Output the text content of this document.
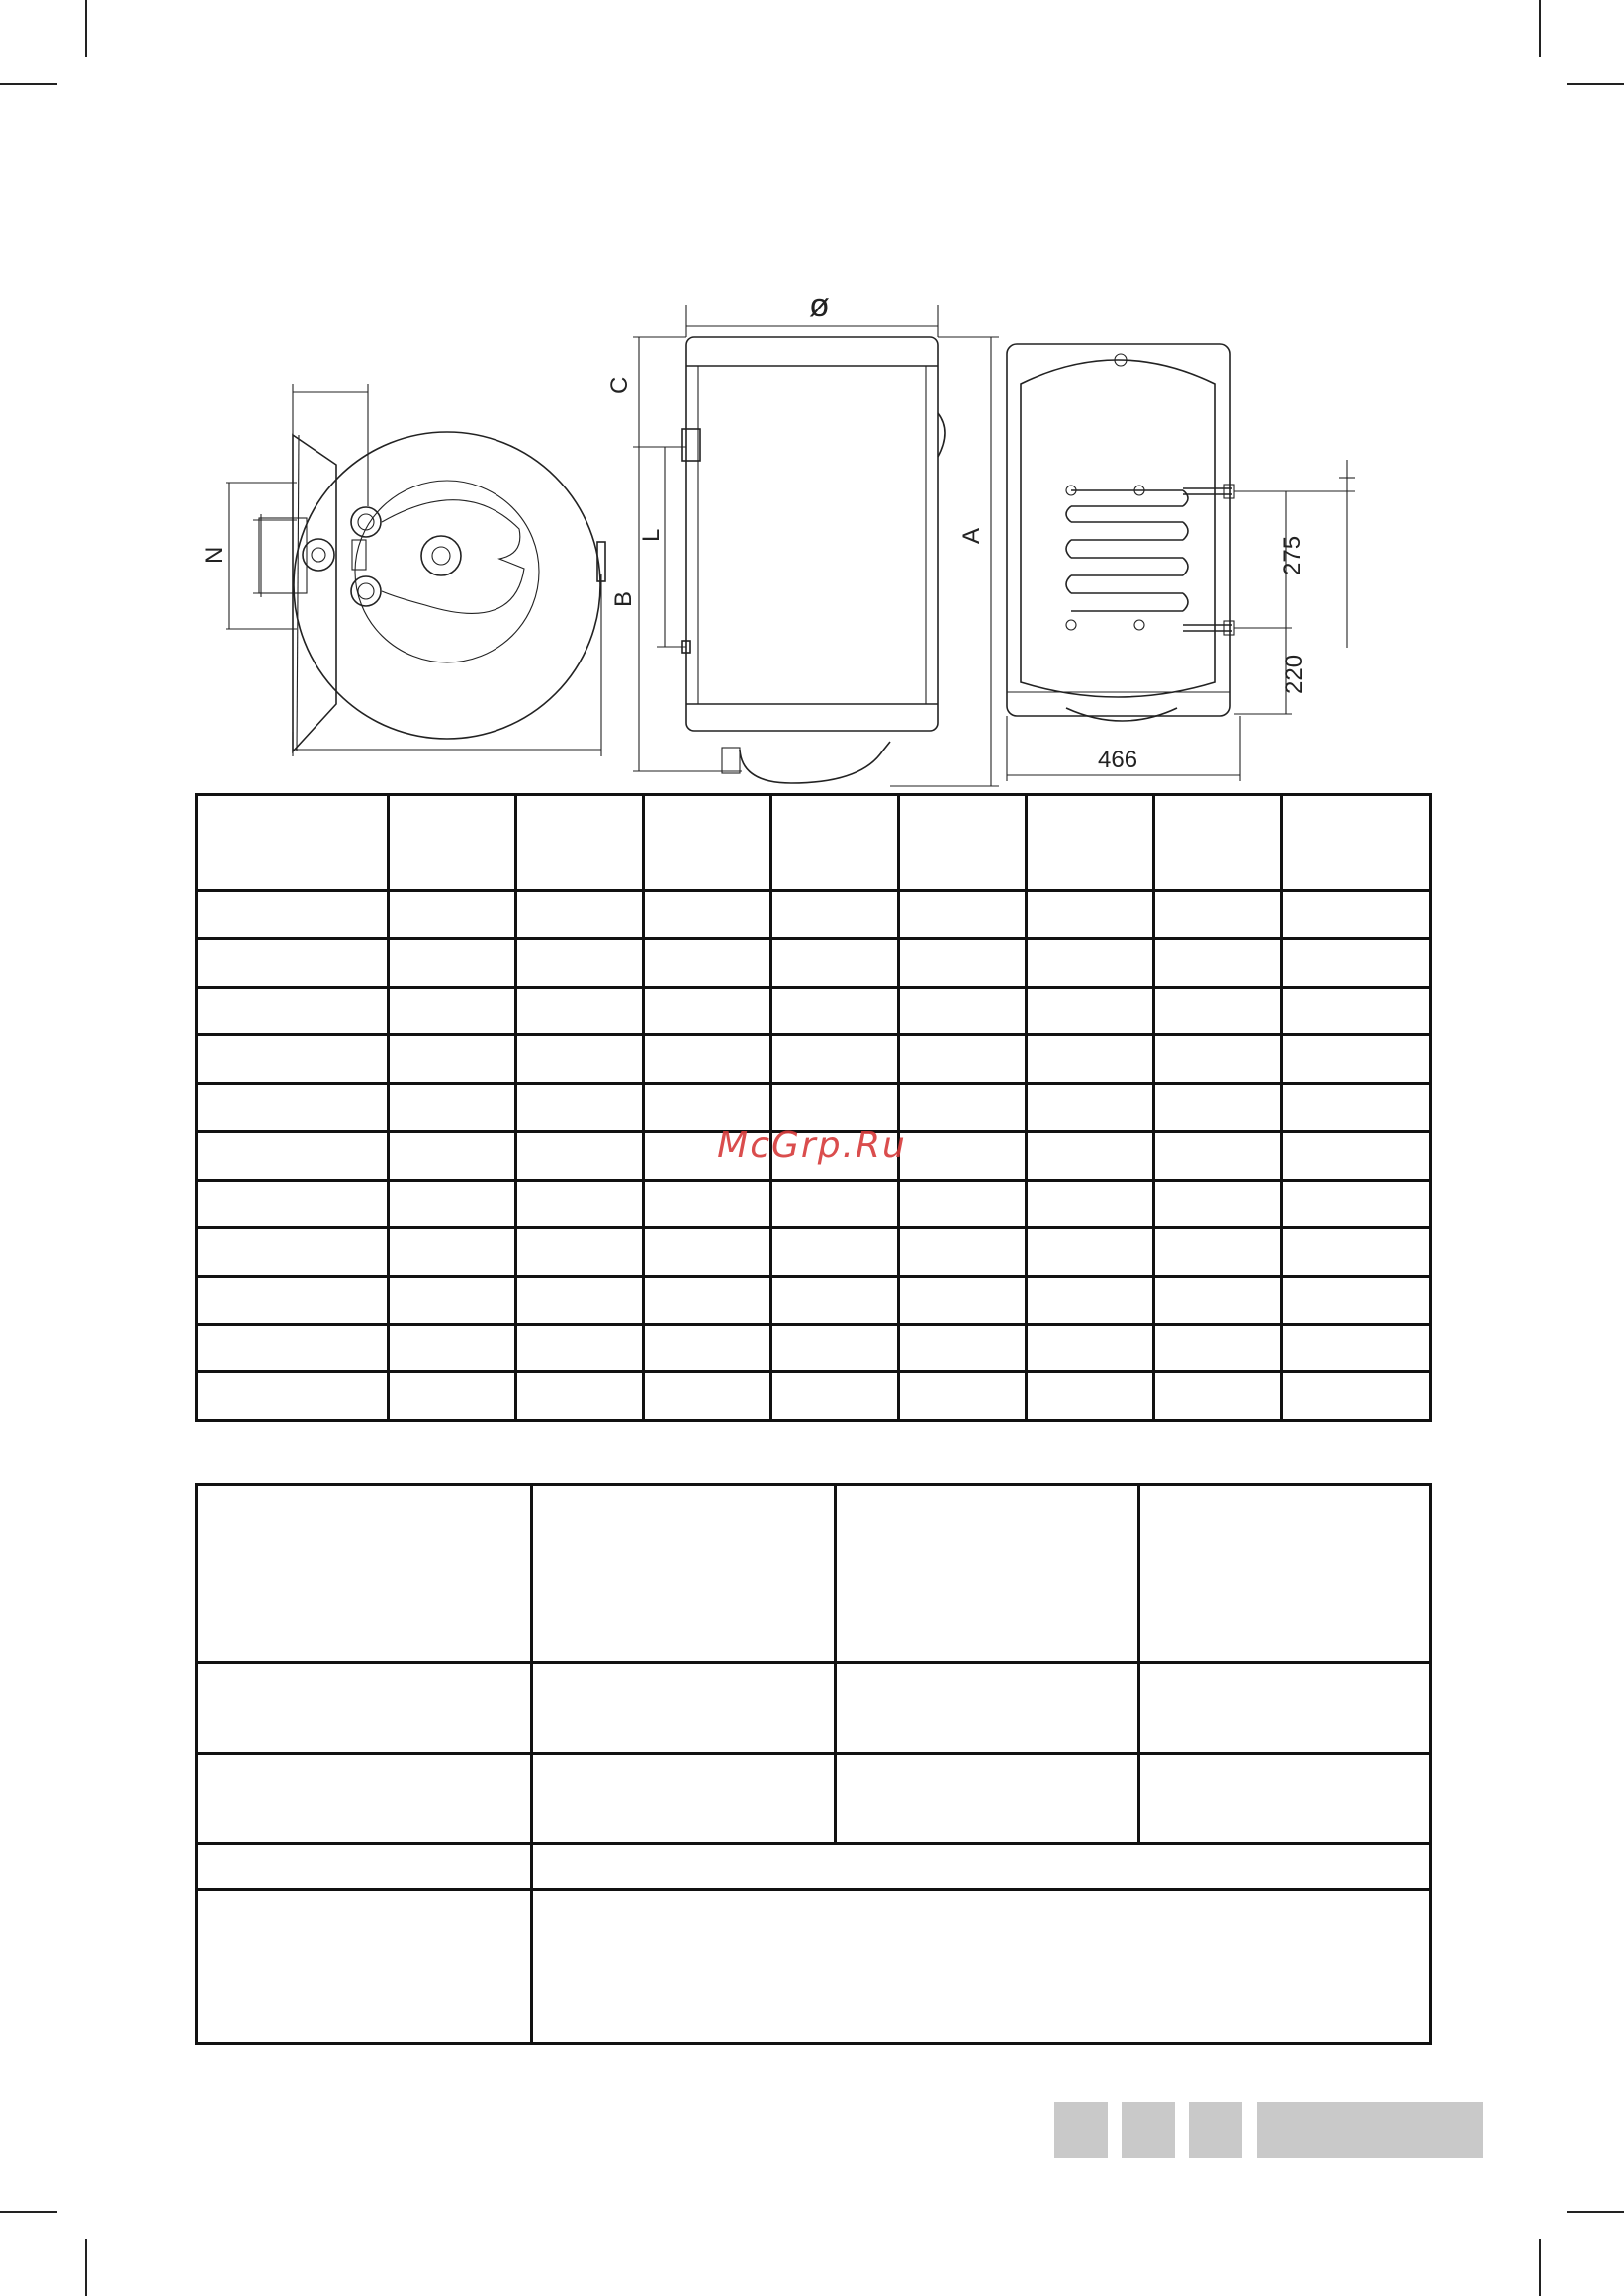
N
ø
C
B
L	A	275
220
466

McGrp.Ru
